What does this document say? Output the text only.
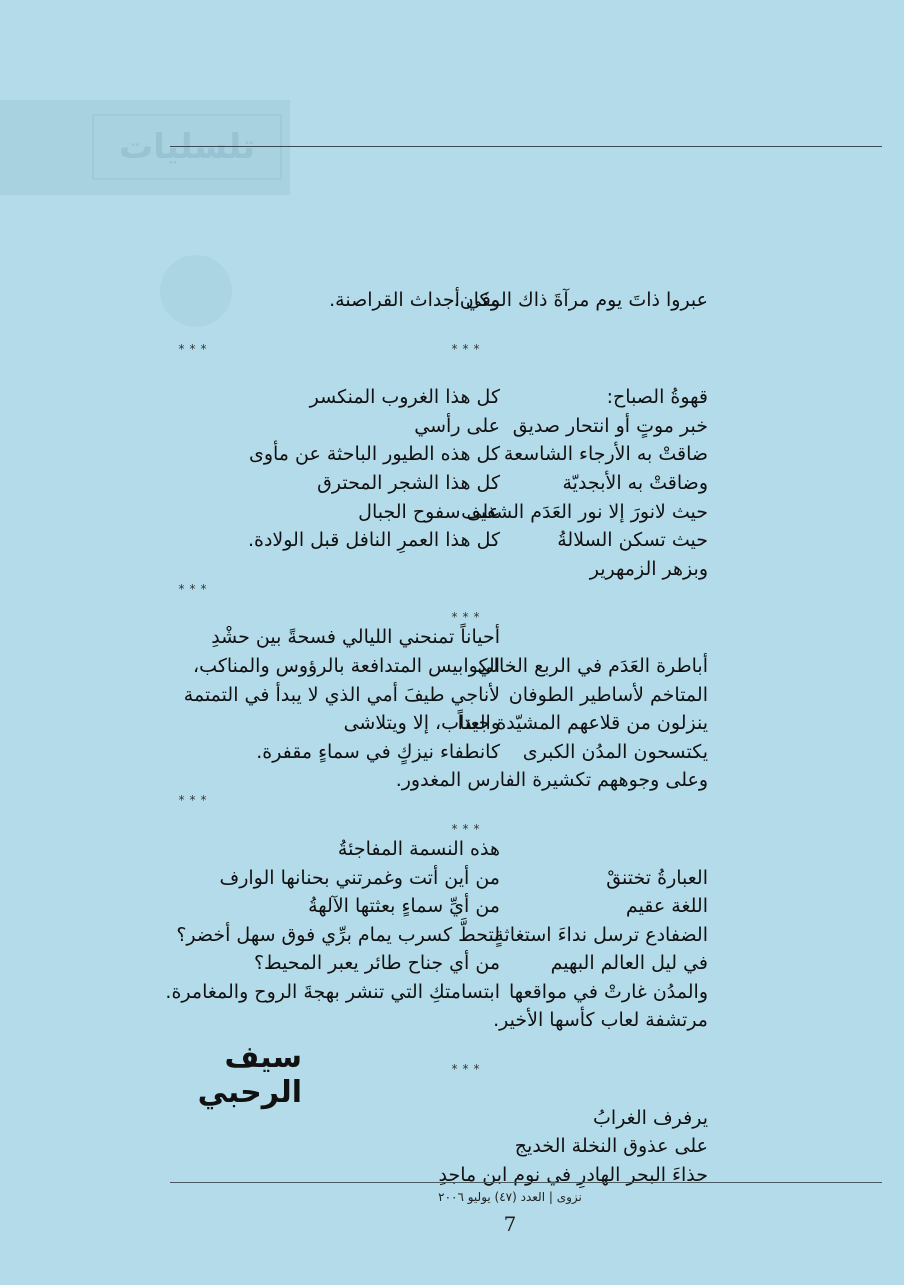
تلسليات
عبروا ذاتَ يوم مرآةَ ذاك المكان.
***
قهوةُ الصباح:
خبر موتٍ أو انتحار صديق
ضاقتْ به الأرجاء الشاسعة
وضاقتْ به الأبجديّة
حيث لانورَ إلا نور العَدَم الشفيف
حيث تسكن السلالةُ
وبزهر الزمهرير
***
أباطرة العَدَم في الربع الخالي
المتاخم لأساطير الطوفان
ينزلون من قلاعهم المشيّدة جيداً
يكتسحون المدُن الكبرى
وعلى وجوههم تكشيرة الفارس المغدور.
***
العبارةُ تختنقْ
اللغة عقيم
الضفادع ترسل نداءَ استغاثةٍ
في ليل العالم البهيم
والمدُن غارتْ في مواقعها
مرتشفة لعاب كأسها الأخير.
***
يرفرف الغرابُ
على عذوق النخلة الخديج
حذاءَ البحر الهادرِ في نوم ابن ماجدِ
وفي أجداث القراصنة.
***
كل هذا الغروب المنكسر
على رأسي
كل هذه الطيور الباحثة عن مأوى
كل هذا الشجر المحترق
على سفوح الجبال
كل هذا العمرِ النافل قبل الولادة.
***
أحياناً تمنحني الليالي فسحةً بين حشْدِ
الكوابيس المتدافعة بالرؤوس والمناكب،
لأناجي طيفَ أمي الذي لا يبدأ في التمتمة
والعتاب، إلا ويتلاشى
كانطفاء نيزكٍ في سماءٍ مقفرة.
***
هذه النسمة المفاجئةُ
من أين أتت وغمرتني بحنانها الوارف
من أيِّ سماءٍ بعثتها الآلهةُ
لتحطَّ كسرب يمام برِّي فوق سهل أخضر؟
من أي جناح طائر يعبر المحيط؟
ابتسامتكِ التي تنشر بهجةَ الروح والمغامرة.
سيف الرحبي
نزوى | العدد (٤٧) يوليو ٢٠٠٦
7
